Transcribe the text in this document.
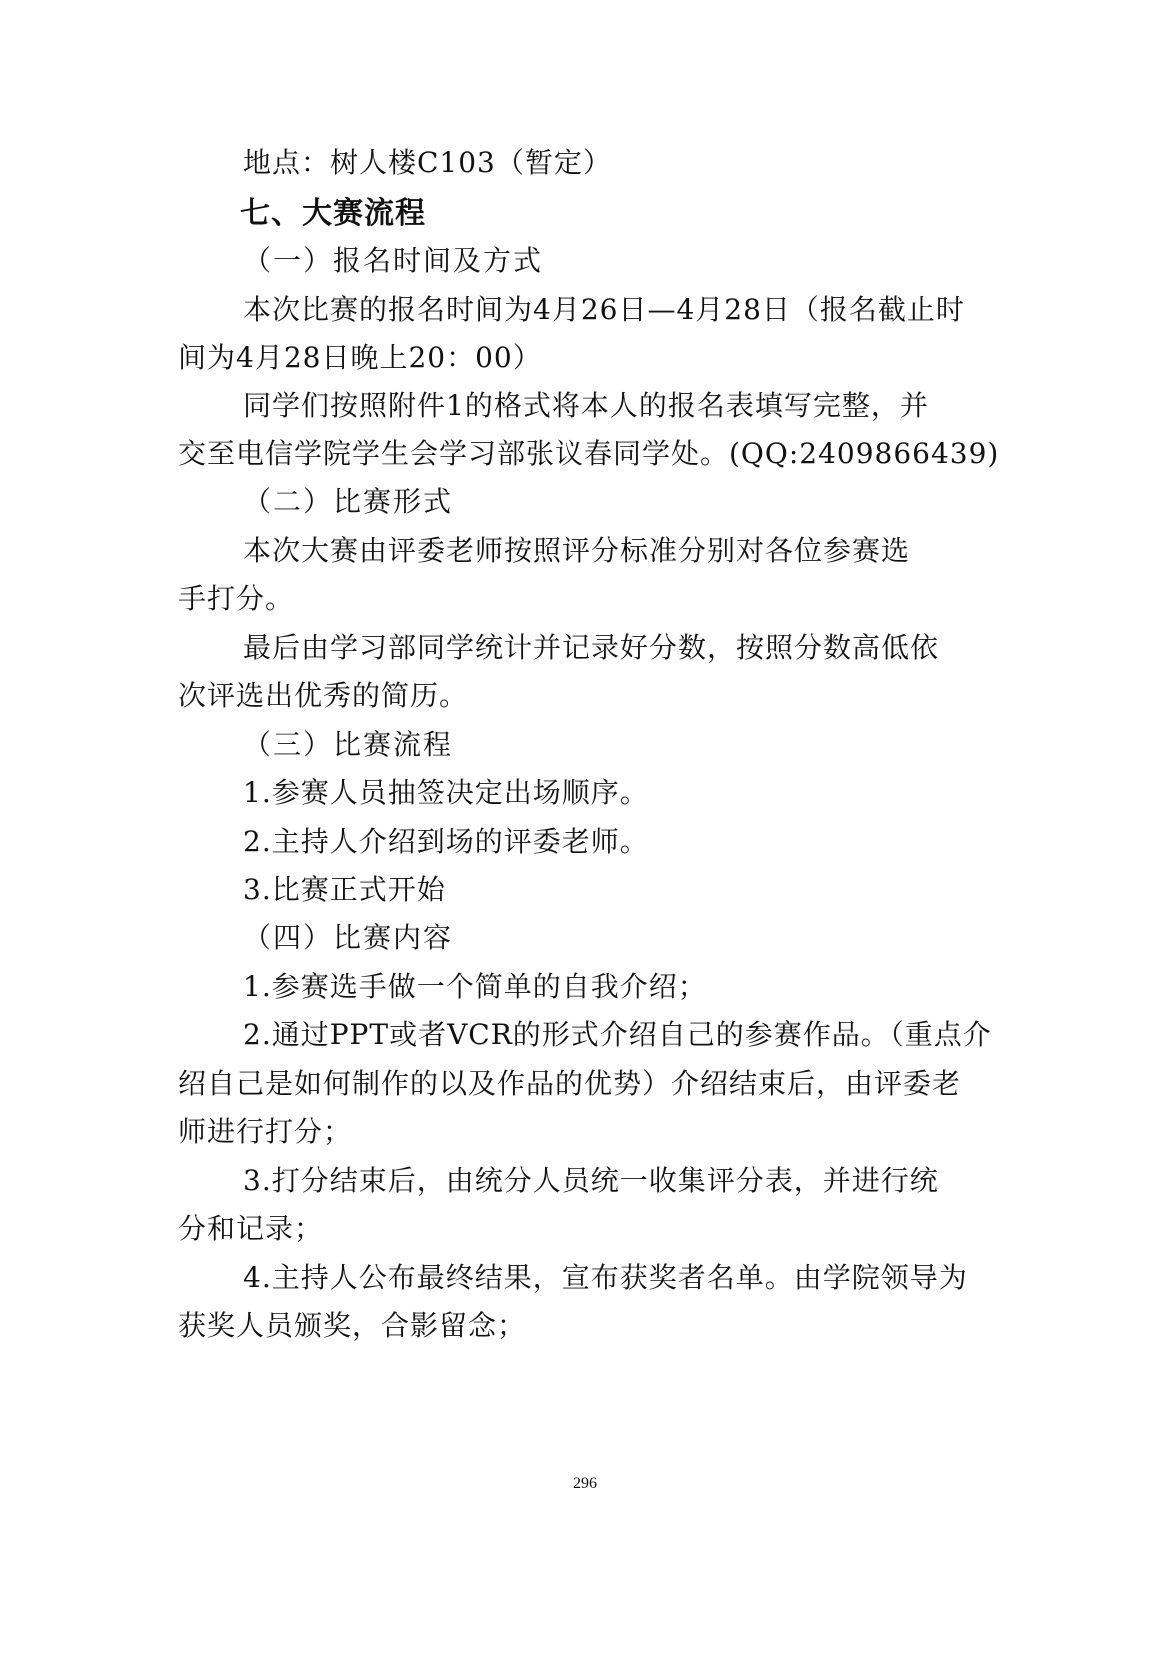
地点：树人楼C103（暂定）
七、大赛流程
（一）报名时间及方式
本次比赛的报名时间为4月26日—4月28日（报名截止时
间为4月28日晚上20：00）
同学们按照附件1的格式将本人的报名表填写完整，并
交至电信学院学生会学习部张议春同学处。(QQ:2409866439)
（二）比赛形式
本次大赛由评委老师按照评分标准分别对各位参赛选
手打分。
最后由学习部同学统计并记录好分数，按照分数高低依
次评选出优秀的简历。
（三）比赛流程
1.参赛人员抽签决定出场顺序。
2.主持人介绍到场的评委老师。
3.比赛正式开始
（四）比赛内容
1.参赛选手做一个简单的自我介绍；
2.通过PPT或者VCR的形式介绍自己的参赛作品。（重点介
绍自己是如何制作的以及作品的优势）介绍结束后，由评委老
师进行打分；
3.打分结束后，由统分人员统一收集评分表，并进行统
分和记录；
4.主持人公布最终结果，宣布获奖者名单。由学院领导为
获奖人员颁奖，合影留念；
296
